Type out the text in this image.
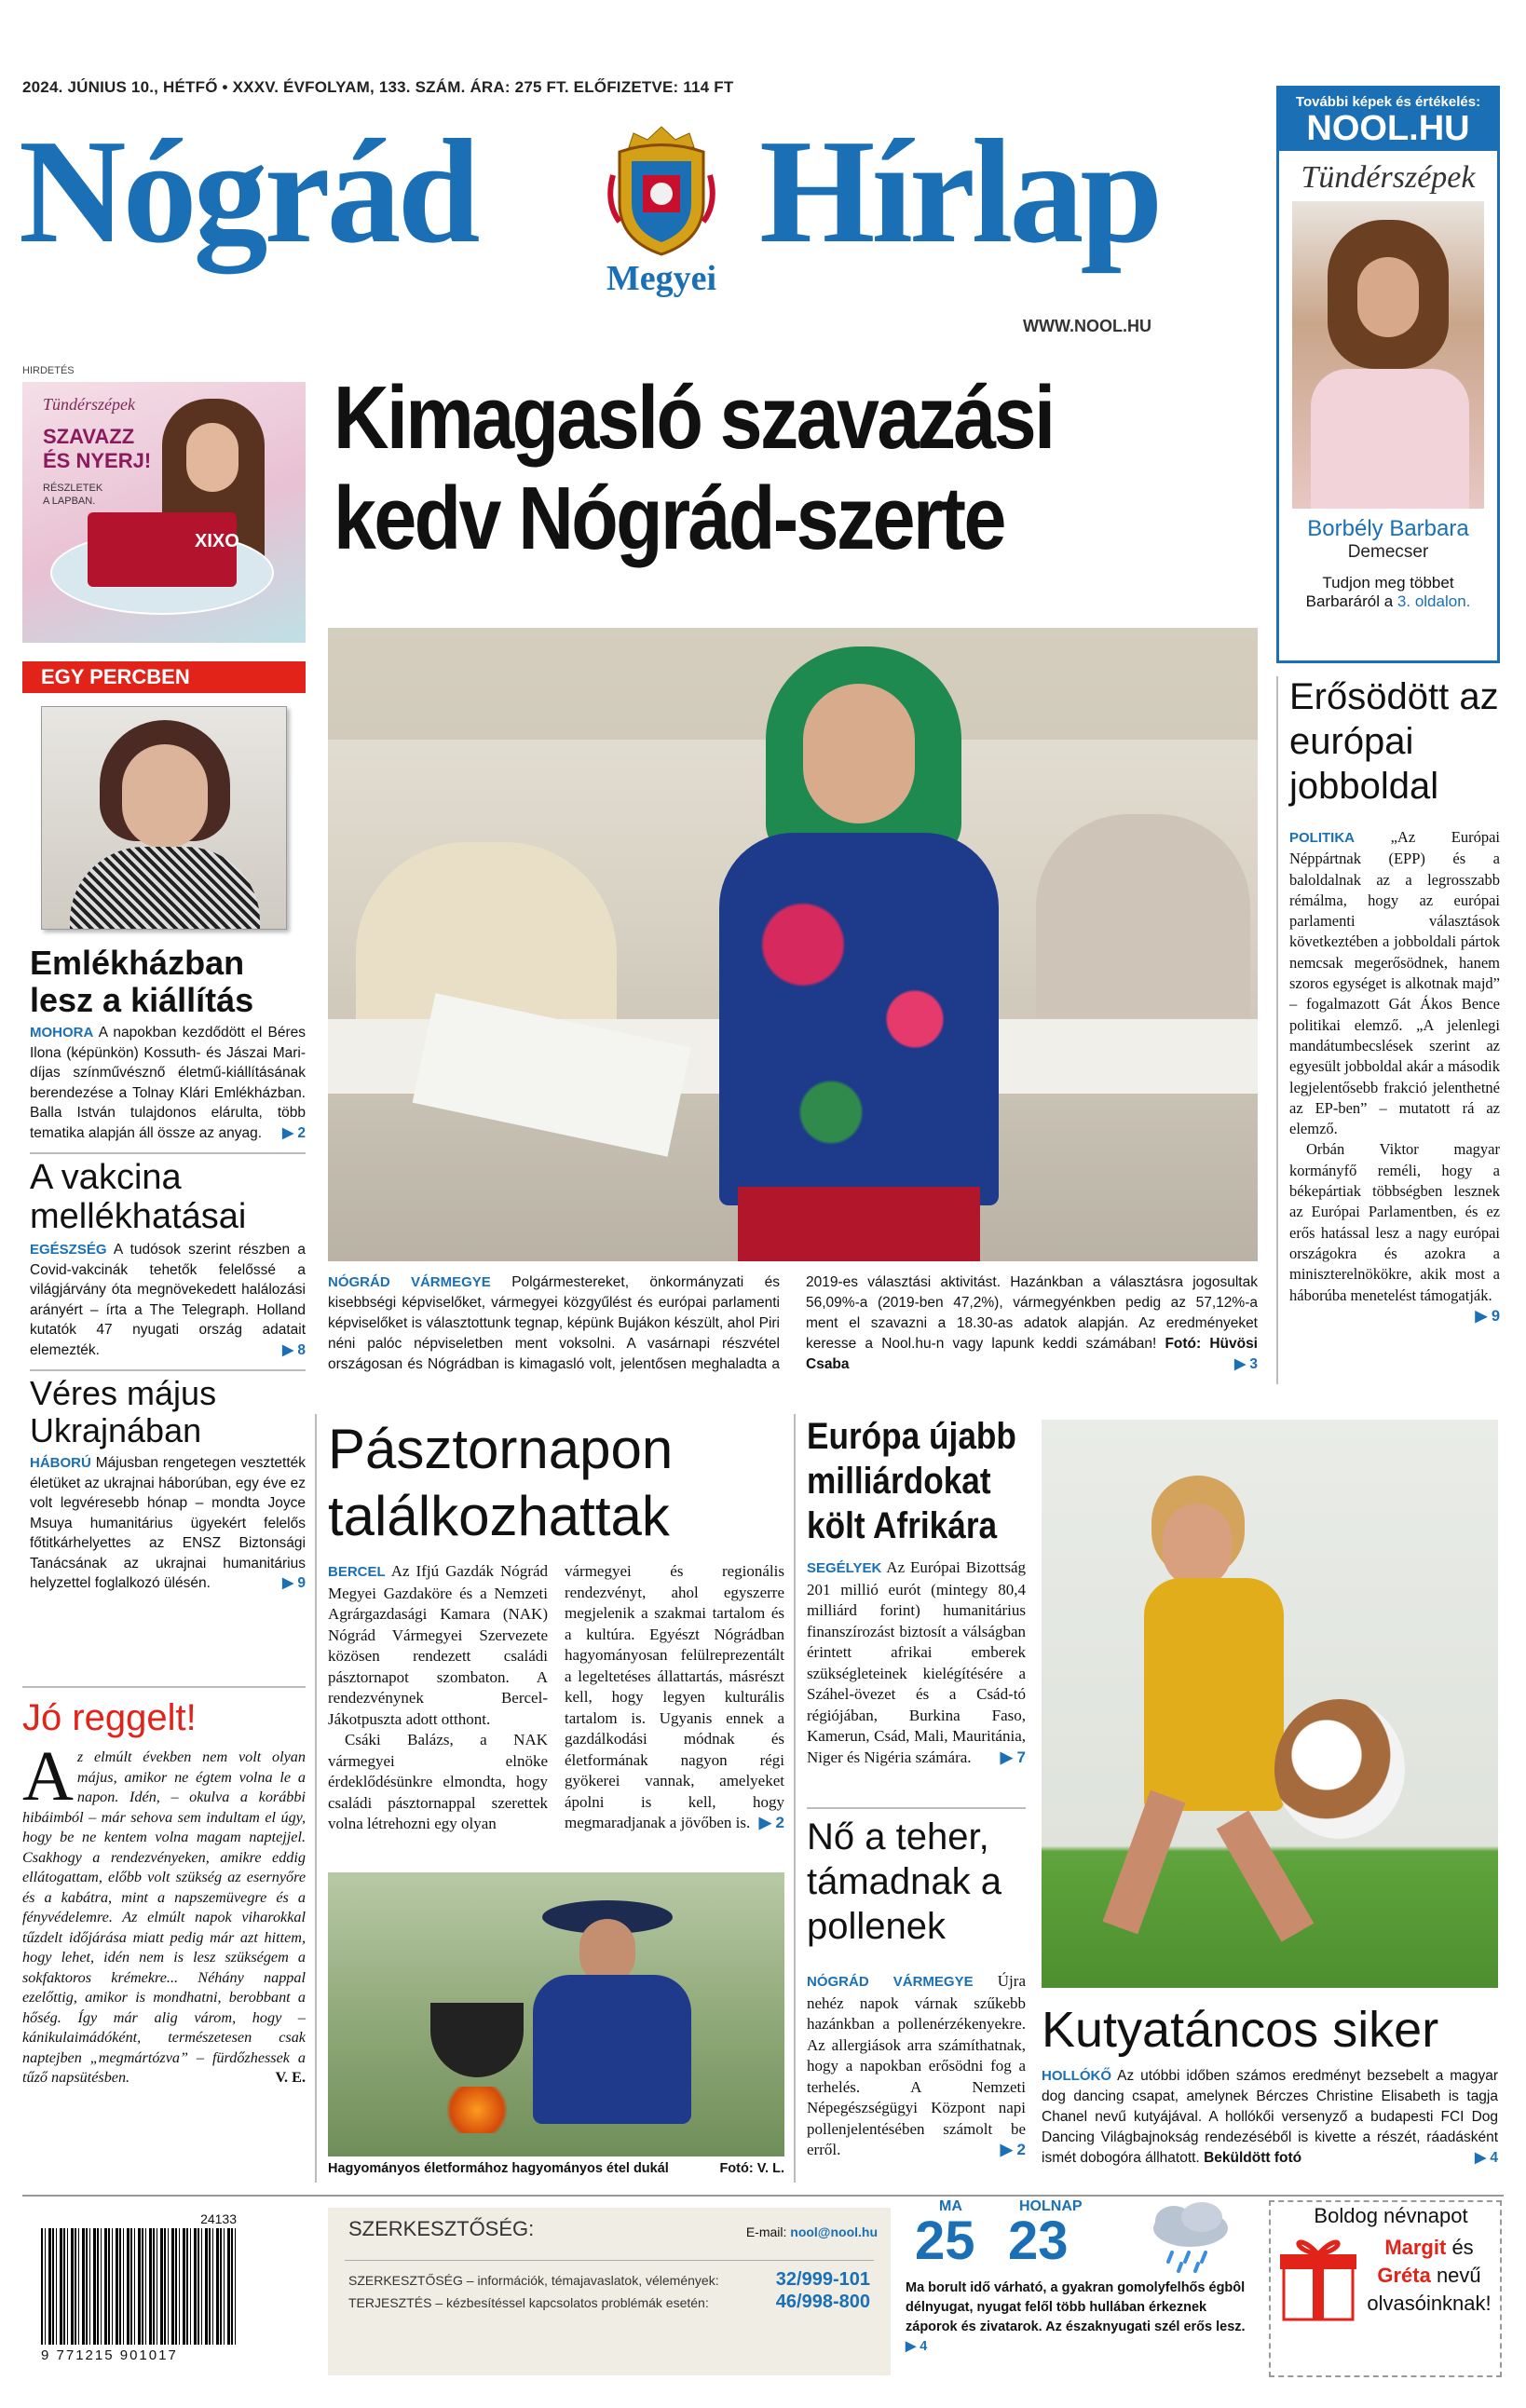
2024. JÚNIUS 10., HÉTFŐ • XXXV. ÉVFOLYAM, 133. SZÁM. ÁRA: 275 FT. ELŐFIZETVE: 114 FT
Nógrád
Megyei
Hírlap
WWW.NOOL.HU
További képek és értékelés:
NOOL.HU
Tündérszépek
Borbély Barbara
Demecser
Tudjon meg többet Barbaráról a 3. oldalon.
HIRDETÉS
Tündérszépek
SZAVAZZ
ÉS NYERJ!
RÉSZLETEK
A LAPBAN.
XIXO
Kimagasló szavazási
kedv Nógrád-szerte
NÓGRÁD VÁRMEGYE Polgármestereket, önkormányzati és kisebbségi képviselőket, vármegyei közgyűlést és európai parlamenti képviselőket is választottunk tegnap, képünk Bujákon készült, ahol Piri néni palóc népviseletben ment voksolni. A vasárnapi részvétel országosan és Nógrádban is kimagasló volt, jelentősen meghaladta a 2019-es választási aktivitást. Hazánkban a választásra jogosultak 56,09%-a (2019-ben 47,2%), vármegyénkben pedig az 57,12%-a ment el szavazni a 18.30-as adatok alapján. Az eredményeket keresse a Nool.hu-n vagy lapunk keddi számában! Fotó: Hüvösi Csaba	▶ 3
Erősödött az európai jobboldal
POLITIKA „Az Európai Néppártnak (EPP) és a baloldalnak az a legrosszabb rémálma, hogy az európai parlamenti választások következtében a jobboldali pártok nemcsak megerősödnek, hanem szoros egységet is alkotnak majd” – fogalmazott Gát Ákos Bence politikai elemző. „A jelenlegi mandátumbecslések szerint az egyesült jobboldal akár a második legjelentősebb frakció jelenthetné az EP-ben” – mutatott rá az elemző.
Orbán Viktor magyar kormányfő reméli, hogy a békepártiak többségben lesznek az Európai Parlamentben, és ez erős hatással lesz a nagy európai országokra és azokra a miniszterelnökökre, akik most a háborúba menetelést támogatják.
▶ 9
EGY PERCBEN
Emlékházban lesz a kiállítás
MOHORA A napokban kezdődött el Béres Ilona (képünkön) Kossuth- és Jászai Mari-díjas színművésznő életmű-kiállításának berendezése a Tolnay Klári Emlékházban. Balla István tulajdonos elárulta, több tematika alapján áll össze az anyag. ▶ 2
A vakcina mellékhatásai
EGÉSZSÉG A tudósok szerint részben a Covid-vakcinák tehetők felelőssé a világjárvány óta megnövekedett halálozási arányért – írta a The Telegraph. Holland kutatók 47 nyugati ország adatait elemezték.	▶ 8
Véres május Ukrajnában
HÁBORÚ Májusban rengetegen vesztették életüket az ukrajnai háborúban, egy éve ez volt legvéresebb hónap – mondta Joyce Msuya humanitárius ügyekért felelős főtitkárhelyettes az ENSZ Biztonsági Tanácsának az ukrajnai humanitárius helyzettel foglalkozó ülésén.	▶ 9
Jó reggelt!
A z elmúlt években nem volt olyan május, amikor ne égtem volna le a napon. Idén, – okulva a korábbi hibáimból – már sehova sem indultam el úgy, hogy be ne kentem volna magam naptejjel. Csakhogy a rendezvényeken, amikre eddig ellátogattam, előbb volt szükség az esernyőre és a kabátra, mint a napszemüvegre és a fényvédelemre. Az elmúlt napok viharokkal tűzdelt időjárása miatt pedig már azt hittem, hogy lehet, idén nem is lesz szükségem a sokfaktoros krémekre... Néhány nappal ezelőttig, amikor is mondhatni, berobbant a hőség. Így már alig várom, hogy – kánikulaimádóként, természetesen csak naptejben „megmártózva” – fürdőzhessek a tűző napsütésben.	V. E.
Pásztornapon
találkozhattak
BERCEL Az Ifjú Gazdák Nógrád Megyei Gazdaköre és a Nemzeti Agrárgazdasági Kamara (NAK) Nógrád Vármegyei Szervezete közösen rendezett családi pásztornapot szombaton. A rendezvénynek Bercel-Jákotpuszta adott otthont.
Csáki Balázs, a NAK vármegyei elnöke érdeklődésünkre elmondta, hogy családi pásztornappal szerettek volna létrehozni egy olyan
vármegyei és regionális rendezvényt, ahol egyszerre megjelenik a szakmai tartalom és a kultúra. Egyészt Nógrádban hagyományosan felülreprezentált a legeltetéses állattartás, másrészt kell, hogy legyen kulturális tartalom is. Ugyanis ennek a gazdálkodási módnak és életformának nagyon régi gyökerei vannak, amelyeket ápolni is kell, hogy megmaradjanak a jövőben is. ▶ 2
Hagyományos életformához hagyományos étel dukál	Fotó: V. L.
Európa újabb milliárdokat költ Afrikára
SEGÉLYEK Az Európai Bizottság 201 millió eurót (mintegy 80,4 milliárd forint) humanitárius finanszírozást biztosít a válságban érintett afrikai emberek szükségleteinek kielégítésére a Száhel-övezet és a Csád-tó régiójában, Burkina Faso, Kamerun, Csád, Mali, Mauritánia, Niger és Nigéria számára. ▶ 7
Nő a teher, támadnak a pollenek
NÓGRÁD VÁRMEGYE Újra nehéz napok várnak szűkebb hazánkban a pollenérzékenyekre. Az allergiások arra számíthatnak, hogy a napokban erősödni fog a terhelés. A Nemzeti Népegészségügyi Központ napi pollenjelentésében számolt be erről.	▶ 2
Kutyatáncos siker
HOLLÓKŐ Az utóbbi időben számos eredményt bezsebelt a magyar dog dancing csapat, amelynek Bérczes Christine Elisabeth is tagja Chanel nevű kutyájával. A hollókői versenyző a budapesti FCI Dog Dancing Világbajnokság rendezéséből is kivette a részét, ráadásként ismét dobogóra állhatott. Beküldött fotó	▶ 4
24133
9 771215 901017
SZERKESZTŐSÉG:	E-mail: nool@nool.hu
SZERKESZTŐSÉG – információk, témajavaslatok, vélemények:	32/999-101
TERJESZTÉS – kézbesítéssel kapcsolatos problémák esetén:	46/998-800
MA
25
HOLNAP
23
Ma borult idő várható, a gyakran gomolyfelhős égbôl délnyugat, nyugat felől több hullában érkeznek záporok és zivatarok. Az északnyugati szél erős lesz. ▶ 4
Boldog névnapot
Margit és
Gréta nevű
olvasóinknak!
